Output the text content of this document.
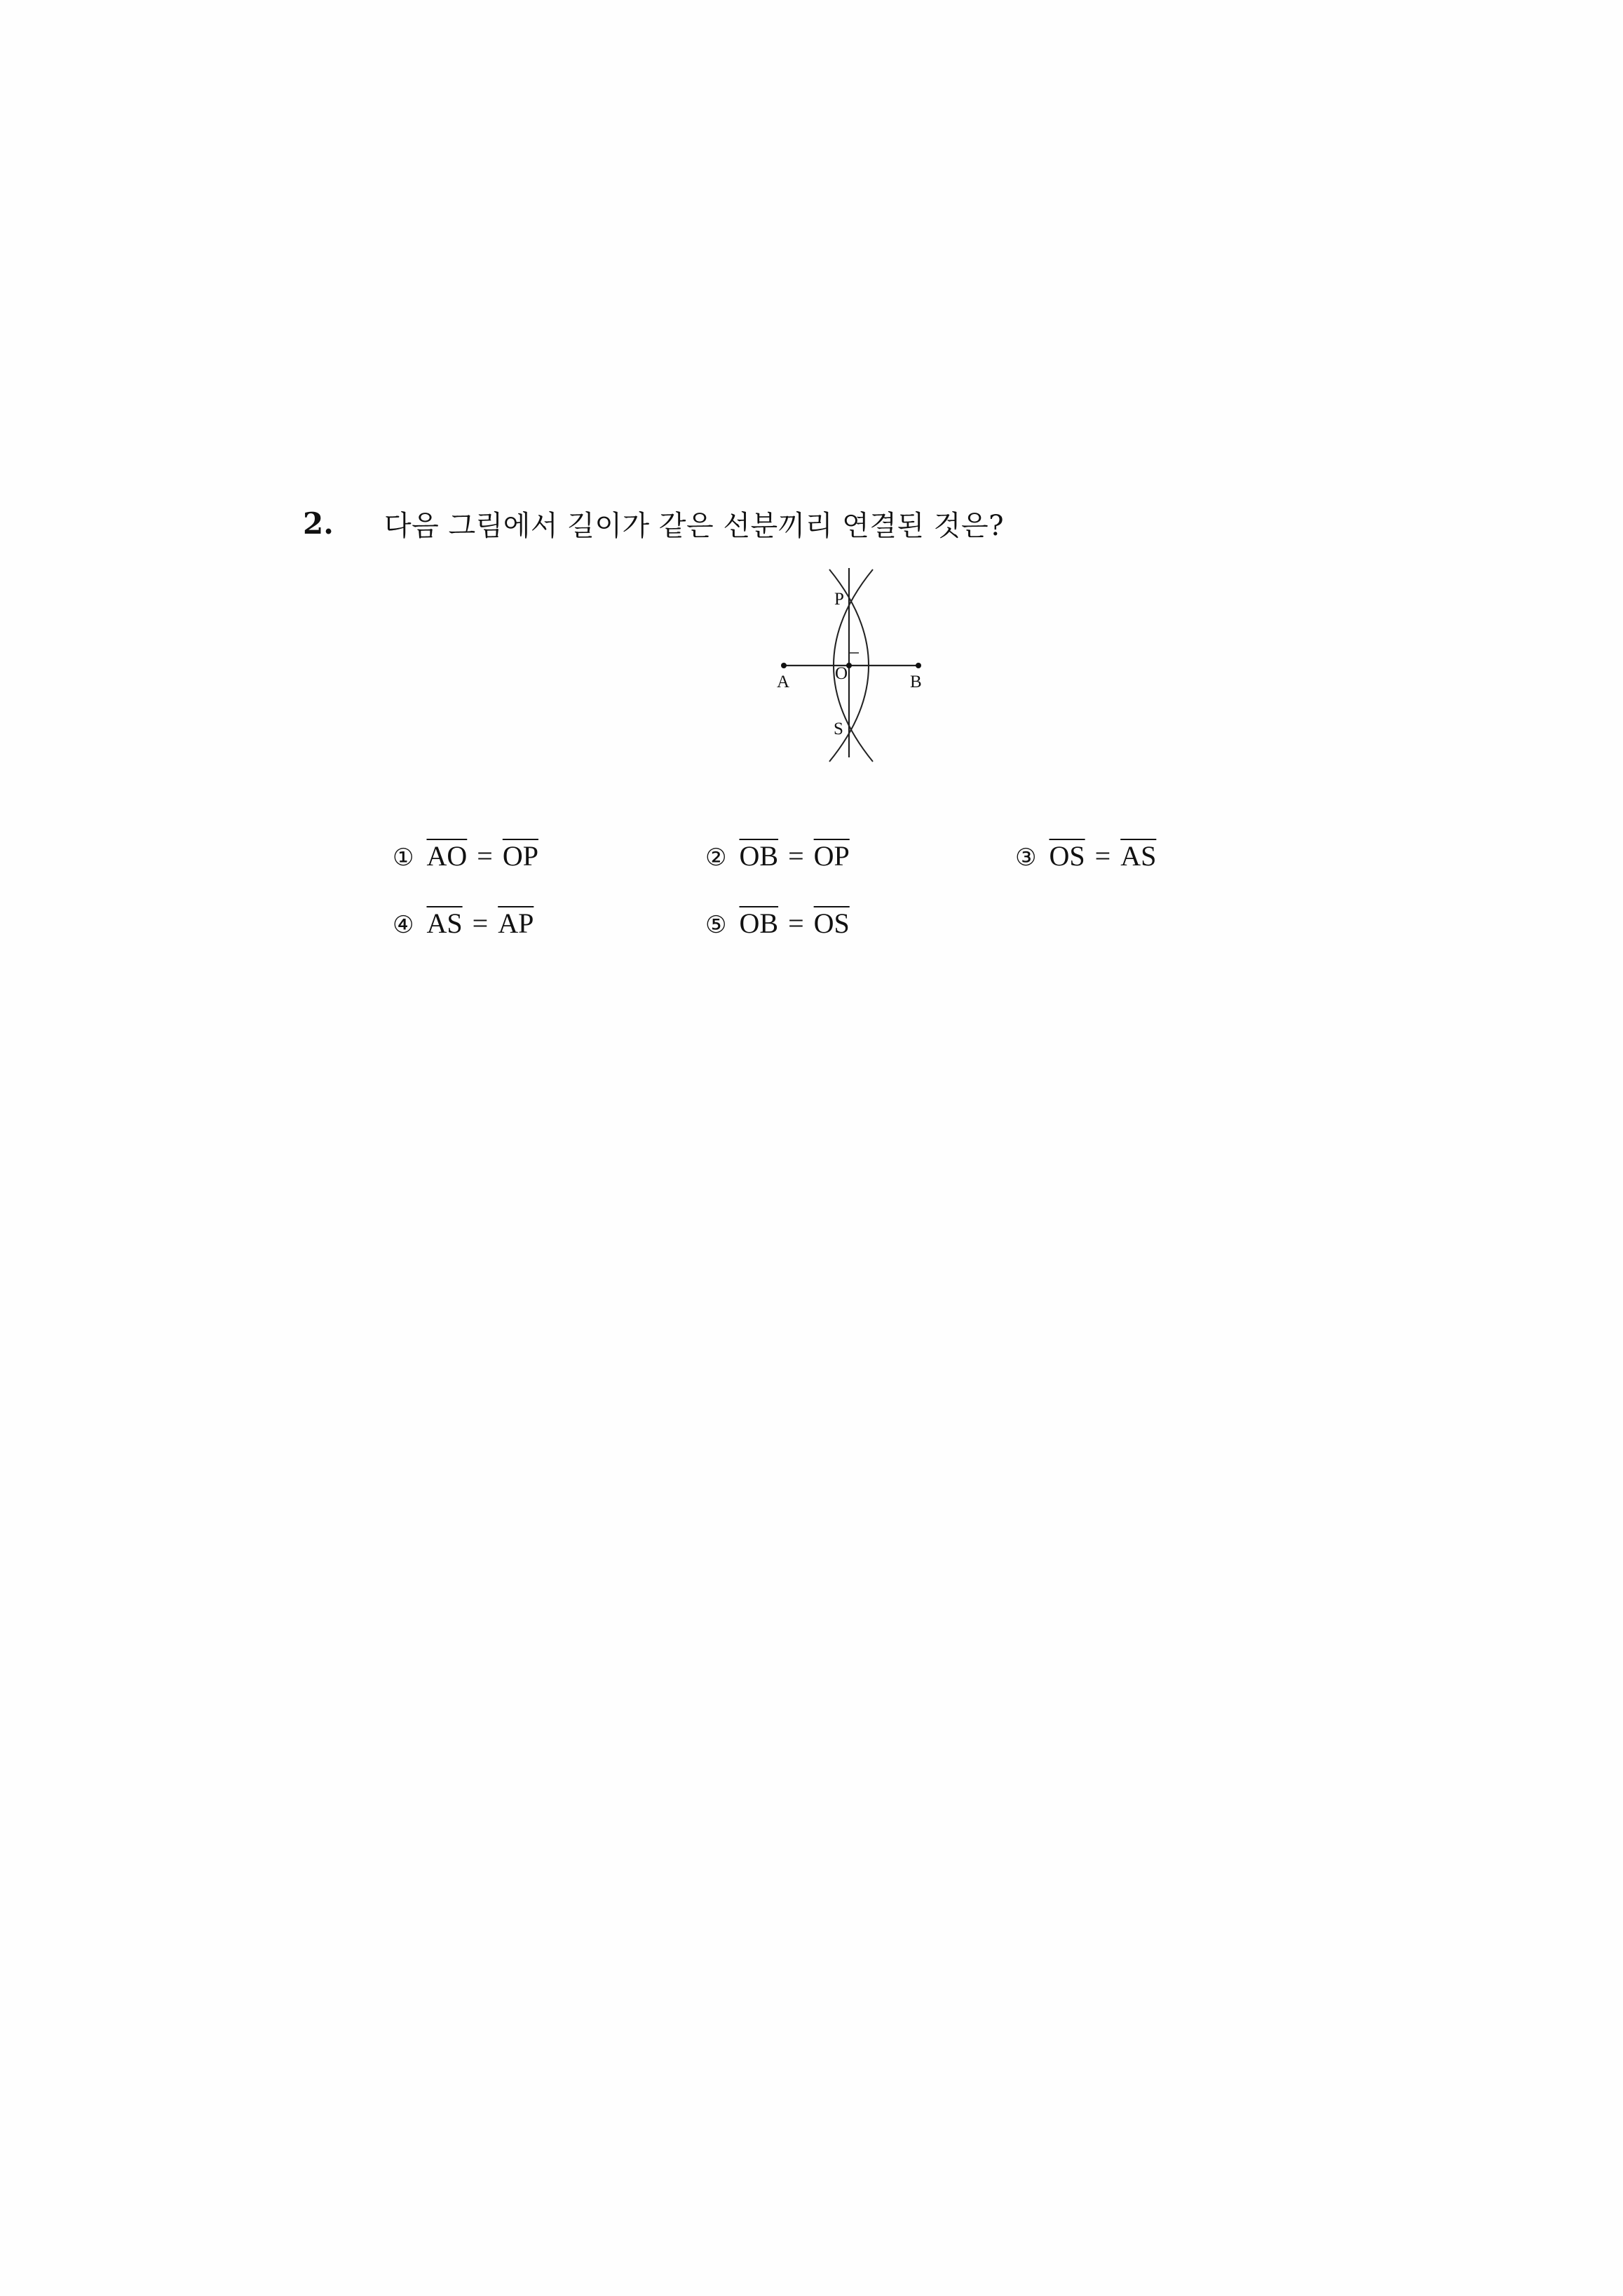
2. 다음 그림에서 길이가 같은 선분끼리 연결된 것은?
P
A	O	B
S
① $\overline{AO} = \overline{OP}$	② $\overline{OB} = \overline{OP}$	③ $\overline{OS} = \overline{AS}$
④ $\overline{AS} = \overline{AP}$	⑤ $\overline{OB} = \overline{OS}$
